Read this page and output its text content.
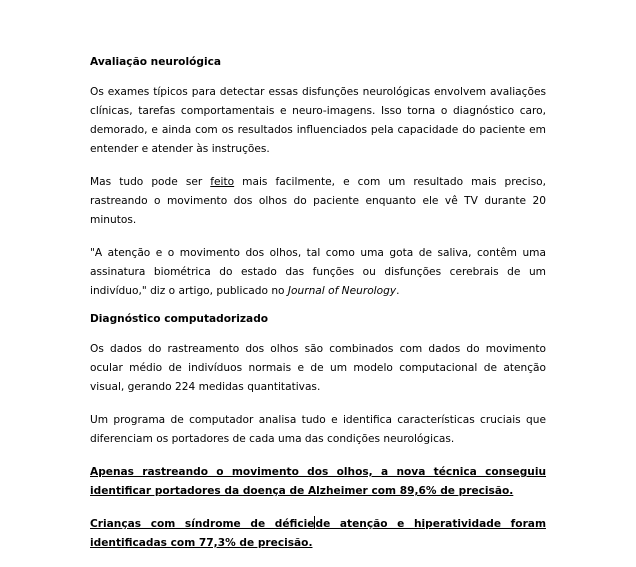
Avaliação neurológica

Os exames típicos para detectar essas disfunções neurológicas envolvem avaliações clínicas, tarefas comportamentais e neuro-imagens. Isso torna o diagnóstico caro, demorado, e ainda com os resultados influenciados pela capacidade do paciente em entender e atender às instruções.

Mas tudo pode ser feito mais facilmente, e com um resultado mais preciso, rastreando o movimento dos olhos do paciente enquanto ele vê TV durante 20 minutos.

"A atenção e o movimento dos olhos, tal como uma gota de saliva, contêm uma assinatura biométrica do estado das funções ou disfunções cerebrais de um indivíduo," diz o artigo, publicado no Journal of Neurology.

Diagnóstico computadorizado

Os dados do rastreamento dos olhos são combinados com dados do movimento ocular médio de indivíduos normais e de um modelo computacional de atenção visual, gerando 224 medidas quantitativas.

Um programa de computador analisa tudo e identifica características cruciais que diferenciam os portadores de cada uma das condições neurológicas.

Apenas rastreando o movimento dos olhos, a nova técnica conseguiu identificar portadores da doença de Alzheimer com 89,6% de precisão.

Crianças com síndrome de déficiede atenção e hiperatividade foram identificadas com 77,3% de precisão.
